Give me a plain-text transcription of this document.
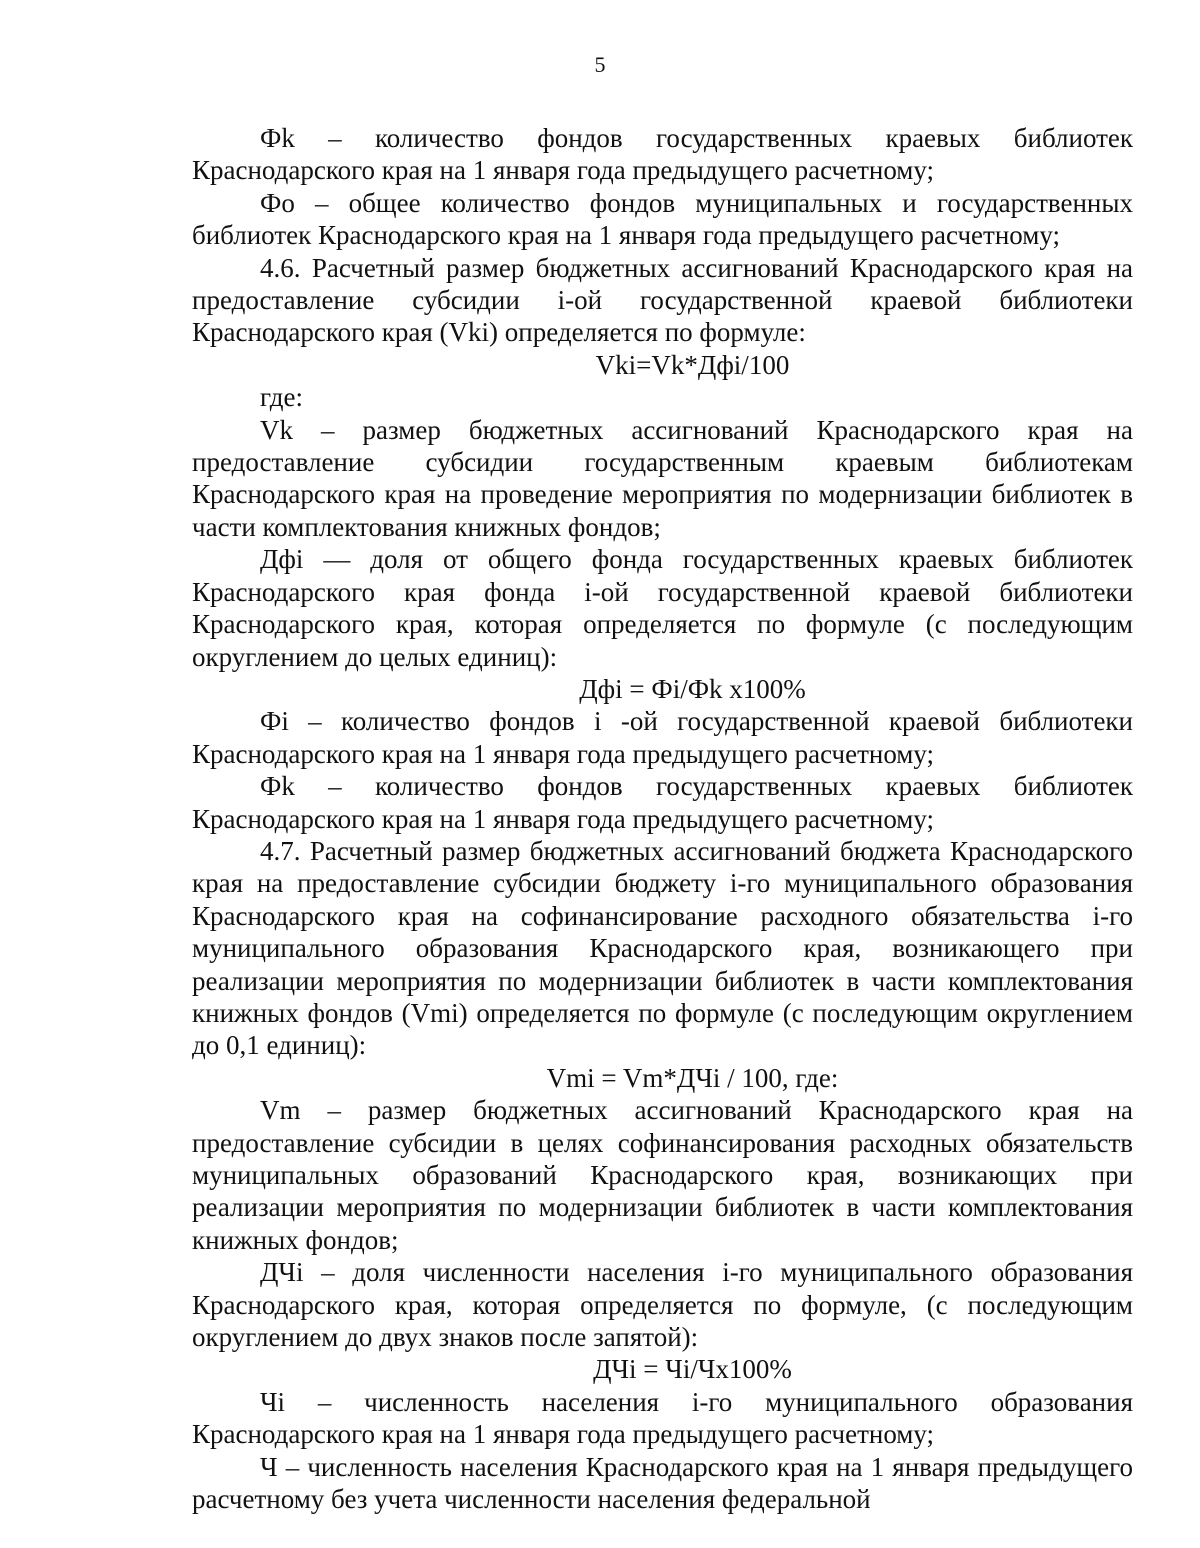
5

Фk – количество фондов государственных краевых библиотек Краснодарского края на 1 января года предыдущего расчетному;

Фо – общее количество фондов муниципальных и государственных библиотек Краснодарского края на 1 января года предыдущего расчетному;

4.6. Расчетный размер бюджетных ассигнований Краснодарского края на предоставление субсидии i-ой государственной краевой библиотеки Краснодарского края (Vki) определяется по формуле:

Vki=Vk*Дфi/100

где:

Vk – размер бюджетных ассигнований Краснодарского края на предоставление субсидии государственным краевым библиотекам Краснодарского края на проведение мероприятия по модернизации библиотек в части комплектования книжных фондов;

Дфi — доля от общего фонда государственных краевых библиотек Краснодарского края фонда i-ой государственной краевой библиотеки Краснодарского края, которая определяется по формуле (с последующим округлением до целых единиц):

Дфi = Фi/Фk x100%

Фi – количество фондов i -ой государственной краевой библиотеки Краснодарского края на 1 января года предыдущего расчетному;

Фk – количество фондов государственных краевых библиотек Краснодарского края на 1 января года предыдущего расчетному;

4.7. Расчетный размер бюджетных ассигнований бюджета Краснодарского края на предоставление субсидии бюджету i-го муниципального образования Краснодарского края на софинансирование расходного обязательства i-го муниципального образования Краснодарского края, возникающего при реализации мероприятия по модернизации библиотек в части комплектования книжных фондов (Vmi) определяется по формуле (с последующим округлением до 0,1 единиц):

Vmi = Vm*ДЧi / 100, где:

Vm – размер бюджетных ассигнований Краснодарского края на предоставление субсидии в целях софинансирования расходных обязательств муниципальных образований Краснодарского края, возникающих при реализации мероприятия по модернизации библиотек в части комплектования книжных фондов;

ДЧi – доля численности населения i-го муниципального образования Краснодарского края, которая определяется по формуле, (с последующим округлением до двух знаков после запятой):

ДЧi = Чi/Чx100%

Чi – численность населения i-го муниципального образования Краснодарского края на 1 января года предыдущего расчетному;

Ч – численность населения Краснодарского края на 1 января предыдущего расчетному без учета численности населения федеральной
